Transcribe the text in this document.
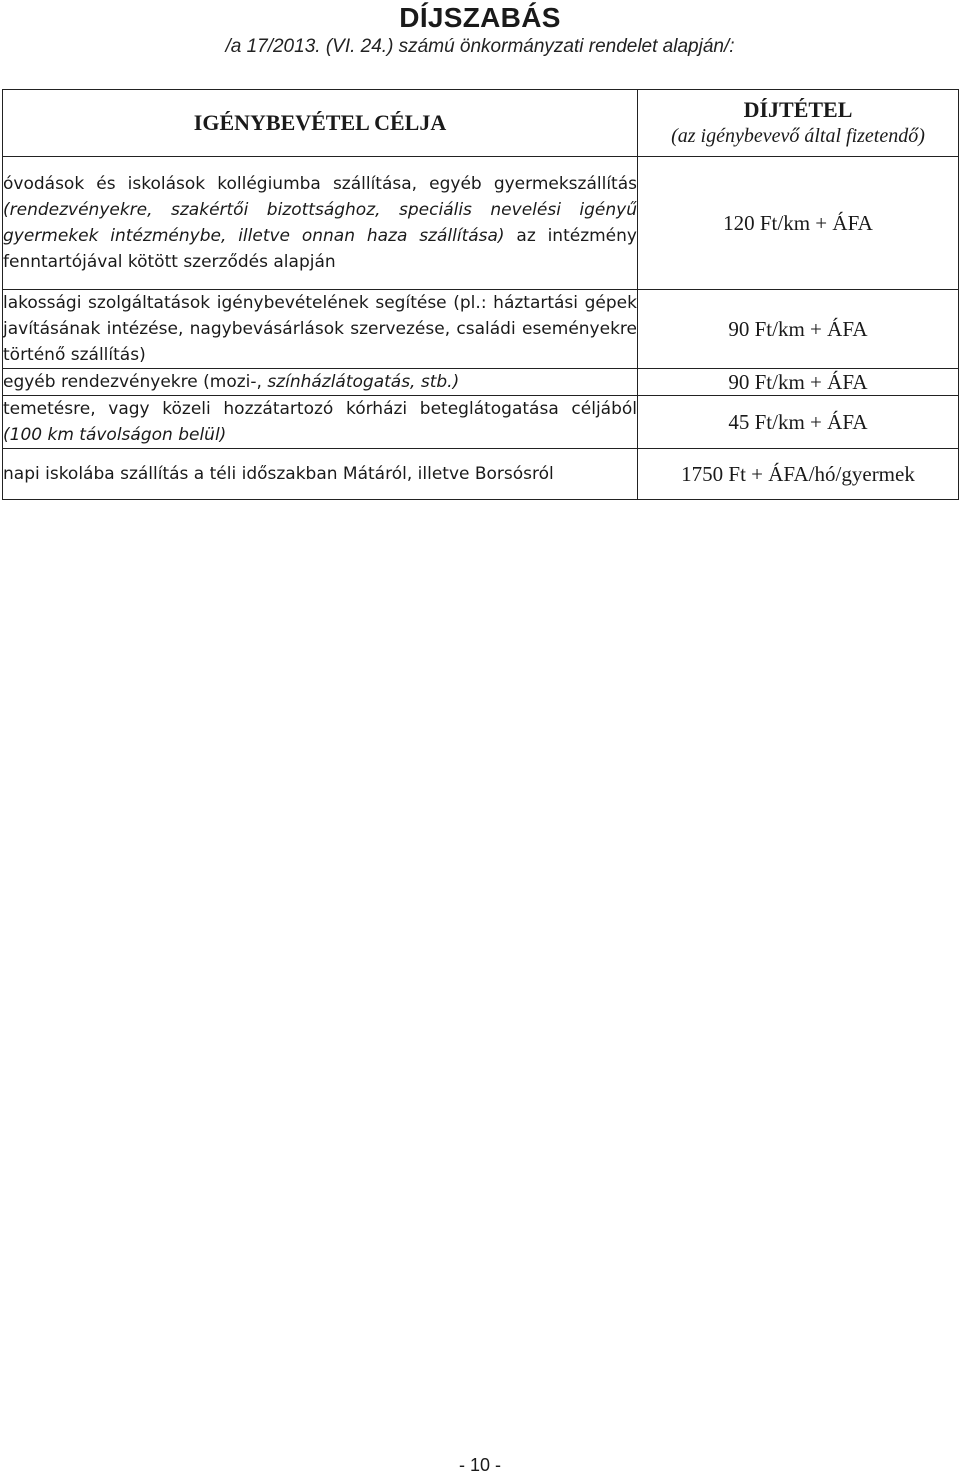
DÍJSZABÁS
/a 17/2013. (VI. 24.) számú önkormányzati rendelet alapján/:
IGÉNYBEVÉTEL CÉLJA	DÍJTÉTEL
(az igénybevevő által fizetendő)

óvodások és iskolások kollégiumba szállítása, egyéb gyermekszállítás (rendezvényekre, szakértői bizottsághoz, speciális nevelési igényű gyermekek intézménybe, illetve onnan haza szállítása) az intézmény fenntartójával kötött szerződés alapján	120 Ft/km + ÁFA
lakossági szolgáltatások igénybevételének segítése (pl.: háztartási gépek javításának intézése, nagybevásárlások szervezése, családi eseményekre történő szállítás)	90 Ft/km + ÁFA
egyéb rendezvényekre (mozi-, színházlátogatás, stb.)	90 Ft/km + ÁFA
temetésre, vagy közeli hozzátartozó kórházi beteglátogatása céljából (100 km távolságon belül)	45 Ft/km + ÁFA
napi iskolába szállítás a téli időszakban Mátáról, illetve Borsósról	1750 Ft + ÁFA/hó/gyermek
- 10 -
